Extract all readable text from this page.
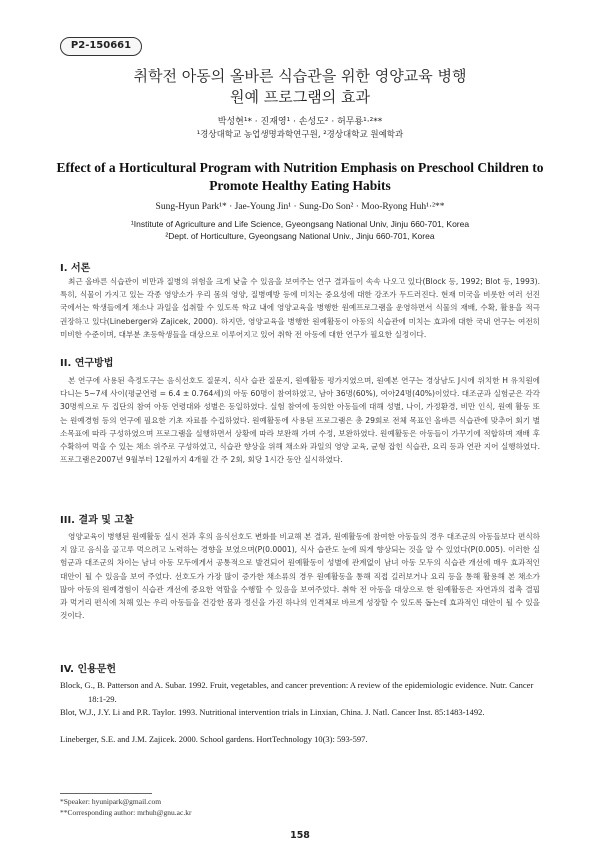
P2-150661
취학전 아동의 올바른 식습관을 위한 영양교육 병행
원예 프로그램의 효과
박성현¹* · 진재영¹ · 손성도² · 허무룡¹·²**
¹경상대학교 농업생명과학연구원, ²경상대학교 원예학과
Effect of a Horticultural Program with Nutrition Emphasis on Preschool Children to
Promote Healthy Eating Habits
Sung-Hyun Park¹* · Jae-Young Jin¹ · Sung-Do Son² · Moo-Ryong Huh¹·²**
¹Institute of Agriculture and Life Science, Gyeongsang National Univ, Jinju 660-701, Korea
²Dept. of Horticulture, Gyeongsang National Univ., Jinju 660-701, Korea
I. 서론
최근 올바른 식습관이 비만과 질병의 위험을 크게 낮출 수 있음을 보여주는 연구 결과들이 속속 나오고 있다(Block 등, 1992; Blot 등, 1993). 특히, 식물이 가지고 있는 각종 영양소가 우리 몸의 영양, 질병예방 등에 미치는 중요성에 대한 강조가 두드러진다. 현재 미국을 비롯한 여러 선진국에서는 학생들에게 채소나 과일을 섭취할 수 있도록 학교 내에 영양교육을 병행한 원예프로그램을 운영하면서 식물의 재배, 수확, 활용을 적극 권장하고 있다(Lineberger와 Zajicek, 2000). 하지만, 영양교육을 병행한 원예활동이 아동의 식습관에 미치는 효과에 대한 국내 연구는 여전히 미비한 수준이며, 대부분 초등학생들을 대상으로 이루어지고 있어 취학 전 아동에 대한 연구가 필요한 실정이다.
II. 연구방법
본 연구에 사용된 측정도구는 음식선호도 질문지, 식사 습관 질문지, 원예활동 평가지였으며, 원예본 연구는 경상남도 J시에 위치한 H 유치원에 다니는 5~7세 사이(평균연령 = 6.4 ± 0.764세)의 아동 60명이 참여하였고, 남아 36명(60%), 여아24명(40%)이었다. 대조군과 실험군은 각각 30명씩으로 두 집단의 참여 아동 연령대와 성별은 동일하였다. 실험 참여에 동의한 아동들에 대해 성별, 나이, 가정환경, 비만 인식, 원예 활동 또는 원예경험 등의 연구에 필요한 기초 자료를 수집하였다. 원예활동에 사용된 프로그램은 총 29회로 전체 목표인 올바른 식습관에 맞추어 회기 별 소목표에 따라 구성하였으며 프로그램을 실행하면서 상황에 따라 보완해 가며 수정, 보완하였다. 원예활동은 아동들이 가꾸기에 적합하며 재배 후 수확하여 먹을 수 있는 채소 위주로 구성하였고, 식습관 향상을 위해 채소와 과일의 영양 교육, 균형 잡힌 식습관, 요리 등과 연관 지어 실행하였다. 프로그램은2007년 9월부터 12월까지 4개월 간 주 2회, 회당 1시간 동안 실시하였다.
III. 결과 및 고찰
영양교육이 병행된 원예활동 실시 전과 후의 음식선호도 변화를 비교해 본 결과, 원예활동에 참여한 아동들의 경우 대조군의 아동들보다 편식하지 않고 음식을 골고루 먹으려고 노력하는 경향을 보였으며(P(0.0001), 식사 습관도 눈에 띄게 향상되는 것을 알 수 있었다(P(0.005). 이러한 실험군과 대조군의 차이는 남녀 아동 모두에게서 공통적으로 발견되어 원예활동이 성별에 관계없이 남녀 아동 모두의 식습관 개선에 매우 효과적인 대안이 될 수 있음을 보여 주었다. 선호도가 가장 많이 증가한 채소류의 경우 원예활동을 통해 직접 길러보거나 요리 등을 통해 활용해 본 채소가 많아 아동의 원예경험이 식습관 개선에 중요한 역할을 수행할 수 있음을 보여주었다. 취학 전 아동을 대상으로 한 원예활동은 자연과의 접촉 결핍과 먹거리 편식에 처해 있는 우리 아동들을 건강한 몸과 정신을 가진 하나의 인격체로 바르게 성장할 수 있도록 돕는데 효과적인 대안이 될 수 있을 것이다.
IV. 인용문헌
Block, G., B. Patterson and A. Subar. 1992. Fruit, vegetables, and cancer prevention: A review of the epidemiologic evidence. Nutr. Cancer 18:1-29.
Blot, W.J., J.Y. Li and P.R. Taylor. 1993. Nutritional intervention trials in Linxian, China. J. Natl. Cancer Inst. 85:1483-1492.
Lineberger, S.E. and J.M. Zajicek. 2000. School gardens. HortTechnology 10(3): 593-597.
*Speaker: hyunipark@gmail.com
**Corresponding author: mrhuh@gnu.ac.kr
158
